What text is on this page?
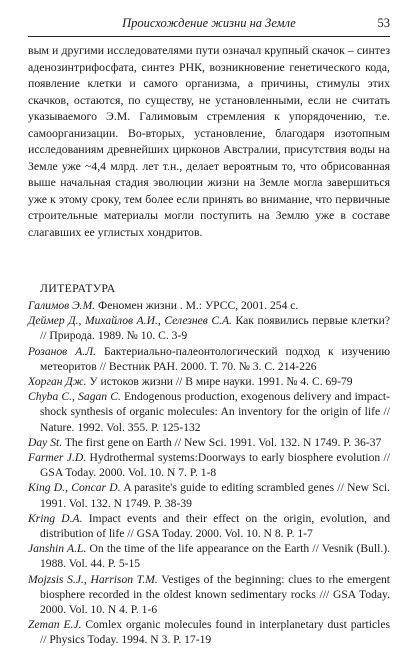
Происхождение жизни на Земле	53
вым и другими исследователями пути означал крупный скачок – синтез аденозинтрифосфата, синтез РНК, возникновение генетического кода, появление клетки и самого организма, а причины, стимулы этих скачков, остаются, по существу, не установленными, если не считать указываемого Э.М. Галимовым стремления к упорядочению, т.е. самоорганизации. Во-вторых, установление, благодаря изотопным исследованиям древнейших цирконов Австралии, присутствия воды на Земле уже ~4,4 млрд. лет т.н., делает вероятным то, что обрисованная выше начальная стадия эволюции жизни на Земле могла завершиться уже к этому сроку, тем более если принять во внимание, что первичные строительные материалы могли поступить на Землю уже в составе слагавших ее углистых хондритов.
ЛИТЕРАТУРА
Галимов Э.М. Феномен жизни . М.: УРСС, 2001. 254 с.
Деймер Д., Михайлов А.И., Селезнев С.А. Как появились первые клетки? // Природа. 1989. № 10. С. 3-9
Розанов А.Л. Бактериально-палеонтологический подход к изучению метеоритов // Вестник РАН. 2000. Т. 70. № 3. С. 214-226
Хорган Дж. У истоков жизни // В мире науки. 1991. № 4. С. 69-79
Chyba C., Sagan C. Endogenous production, exogenous delivery and impact-shock synthesis of organic molecules: An inventory for the origin of life // Nature. 1992. Vol. 355. P. 125-132
Day St. The first gene on Earth // New Sci. 1991. Vol. 132. N 1749. P. 36-37
Farmer J.D. Hydrothermal systems:Doorways to early biosphere evolution // GSA Today. 2000. Vol. 10. N 7. P. 1-8
King D., Concar D. A parasite's guide to editing scrambled genes // New Sci. 1991. Vol. 132. N 1749. P. 38-39
Kring D.A. Impact events and their effect on the origin, evolution, and distribution of life // GSA Today. 2000. Vol. 10. N 8. P. 1-7
Janshin A.L. On the time of the life appearance on the Earth // Vesnik (Bull.). 1988. Vol. 44. P. 5-15
Mojzsis S.J., Harrison T.M. Vestiges of the beginning: clues to rhe emergent biosphere recorded in the oldest known sedimentary rocks /// GSA Today. 2000. Vol. 10. N 4. P. 1-6
Zeman E.J. Comlex organic molecules found in interplanetary dust particles // Physics Today. 1994. N 3. P. 17-19
